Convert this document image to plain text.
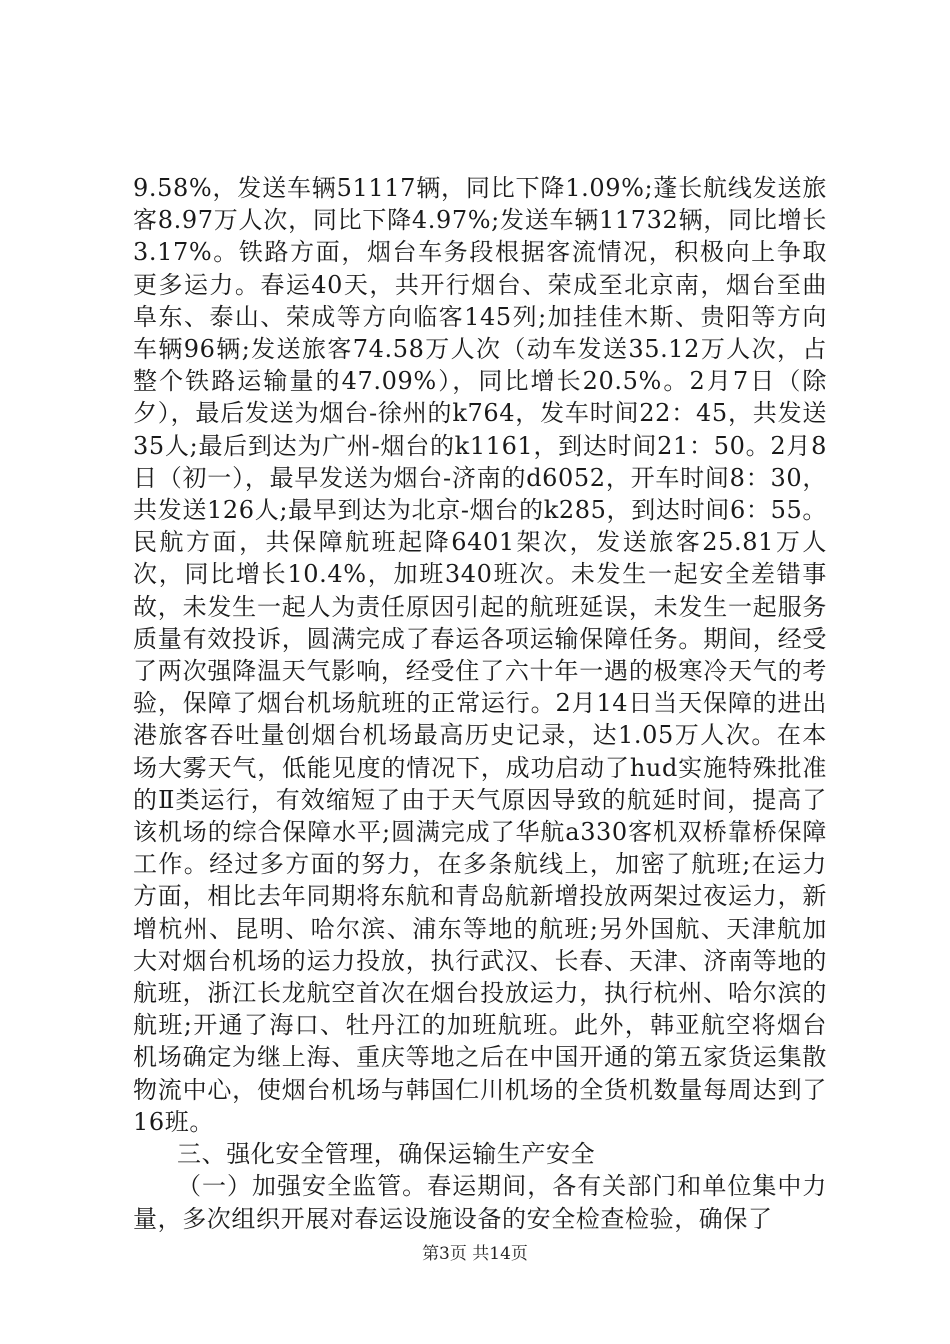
9.58%，发送车辆51117辆，同比下降1.09%;蓬长航线发送旅客8.97万人次，同比下降4.97%;发送车辆11732辆，同比增长3.17%。铁路方面，烟台车务段根据客流情况，积极向上争取更多运力。春运40天，共开行烟台、荣成至北京南，烟台至曲阜东、泰山、荣成等方向临客145列;加挂佳木斯、贵阳等方向车辆96辆;发送旅客74.58万人次（动车发送35.12万人次，占整个铁路运输量的47.09%），同比增长20.5%。2月7日（除夕），最后发送为烟台-徐州的k764，发车时间22：45，共发送35人;最后到达为广州-烟台的k1161，到达时间21：50。2月8日（初一），最早发送为烟台-济南的d6052，开车时间8：30，共发送126人;最早到达为北京-烟台的k285，到达时间6：55。民航方面，共保障航班起降6401架次，发送旅客25.81万人次，同比增长10.4%，加班340班次。未发生一起安全差错事故，未发生一起人为责任原因引起的航班延误，未发生一起服务质量有效投诉，圆满完成了春运各项运输保障任务。期间，经受了两次强降温天气影响，经受住了六十年一遇的极寒冷天气的考验，保障了烟台机场航班的正常运行。2月14日当天保障的进出港旅客吞吐量创烟台机场最高历史记录，达1.05万人次。在本场大雾天气，低能见度的情况下，成功启动了hud实施特殊批准的Ⅱ类运行，有效缩短了由于天气原因导致的航延时间，提高了该机场的综合保障水平;圆满完成了华航a330客机双桥靠桥保障工作。经过多方面的努力，在多条航线上，加密了航班;在运力方面，相比去年同期将东航和青岛航新增投放两架过夜运力，新增杭州、昆明、哈尔滨、浦东等地的航班;另外国航、天津航加大对烟台机场的运力投放，执行武汉、长春、天津、济南等地的航班，浙江长龙航空首次在烟台投放运力，执行杭州、哈尔滨的航班;开通了海口、牡丹江的加班航班。此外，韩亚航空将烟台机场确定为继上海、重庆等地之后在中国开通的第五家货运集散物流中心，使烟台机场与韩国仁川机场的全货机数量每周达到了16班。

三、强化安全管理，确保运输生产安全

（一）加强安全监管。春运期间，各有关部门和单位集中力量，多次组织开展对春运设施设备的安全检查检验，确保了

第3页 共14页
